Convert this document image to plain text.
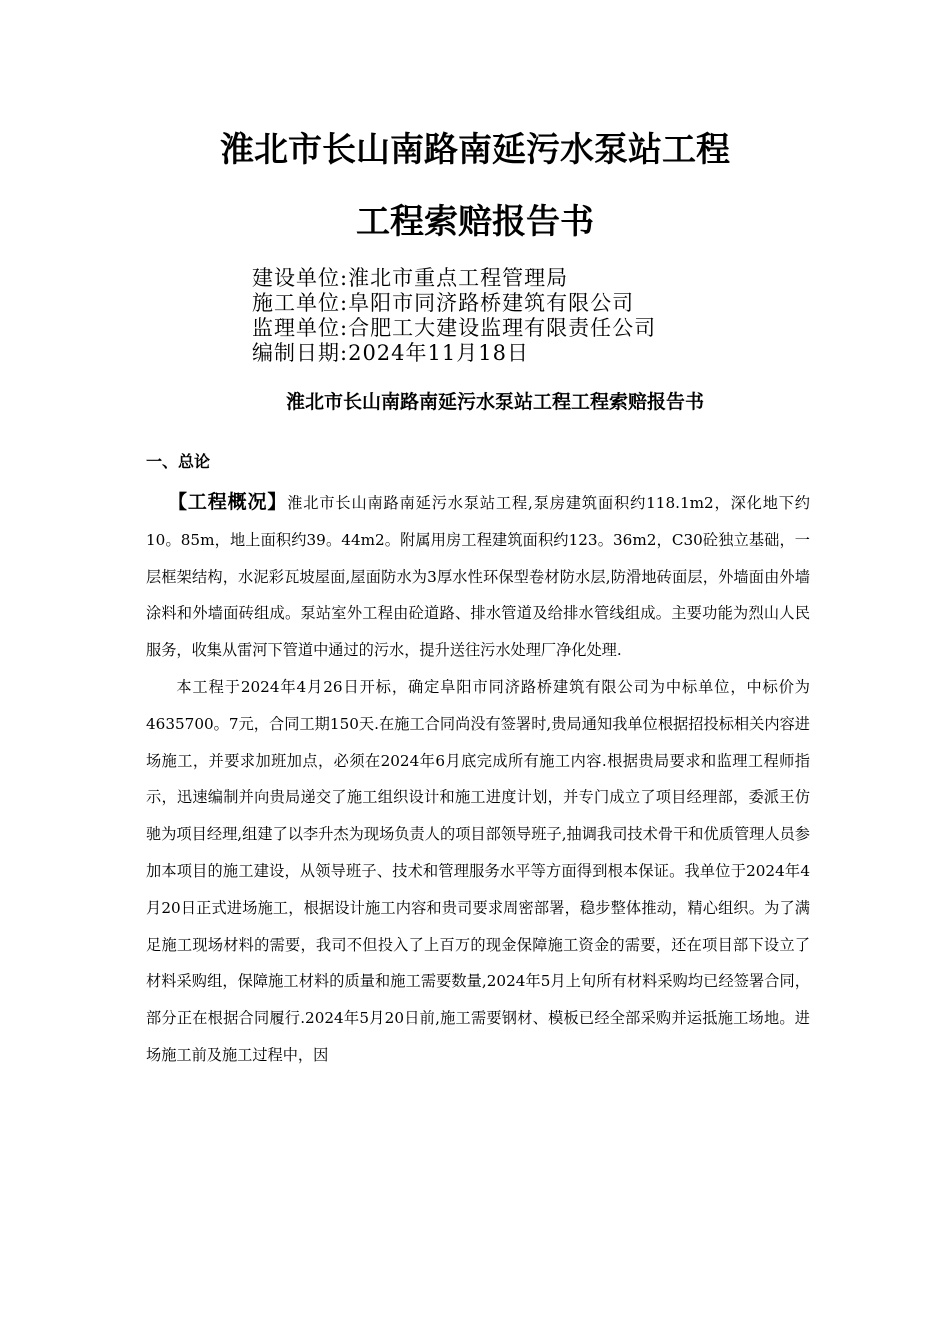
淮北市长山南路南延污水泵站工程
工程索赔报告书
建设单位: 淮北市重点工程管理局
施工单位: 阜阳市同济路桥建筑有限公司
监理单位: 合肥工大建设监理有限责任公司
编制日期: 2024年11月18日
淮北市长山南路南延污水泵站工程工程索赔报告书
一、总论

【工程概况】淮北市长山南路南延污水泵站工程,泵房建筑面积约118.1m2，深化地下约10。85m，地上面积约39。44m2。附属用房工程建筑面积约123。36m2，C30砼独立基础，一层框架结构，水泥彩瓦坡屋面,屋面防水为3厚水性环保型卷材防水层,防滑地砖面层，外墙面由外墙涂料和外墙面砖组成。泵站室外工程由砼道路、排水管道及给排水管线组成。主要功能为烈山人民服务，收集从雷河下管道中通过的污水，提升送往污水处理厂净化处理.

本工程于2024年4月26日开标，确定阜阳市同济路桥建筑有限公司为中标单位，中标价为4635700。7元，合同工期150天.在施工合同尚没有签署时,贵局通知我单位根据招投标相关内容进场施工，并要求加班加点，必须在2024年6月底完成所有施工内容.根据贵局要求和监理工程师指示，迅速编制并向贵局递交了施工组织设计和施工进度计划，并专门成立了项目经理部，委派王仿驰为项目经理,组建了以李升杰为现场负责人的项目部领导班子,抽调我司技术骨干和优质管理人员参加本项目的施工建设，从领导班子、技术和管理服务水平等方面得到根本保证。我单位于2024年4月20日正式进场施工，根据设计施工内容和贵司要求周密部署，稳步整体推动，精心组织。为了满足施工现场材料的需要，我司不但投入了上百万的现金保障施工资金的需要，还在项目部下设立了材料采购组，保障施工材料的质量和施工需要数量,2024年5月上旬所有材料采购均已经签署合同，部分正在根据合同履行.2024年5月20日前,施工需要钢材、模板已经全部采购并运抵施工场地。进场施工前及施工过程中，因
